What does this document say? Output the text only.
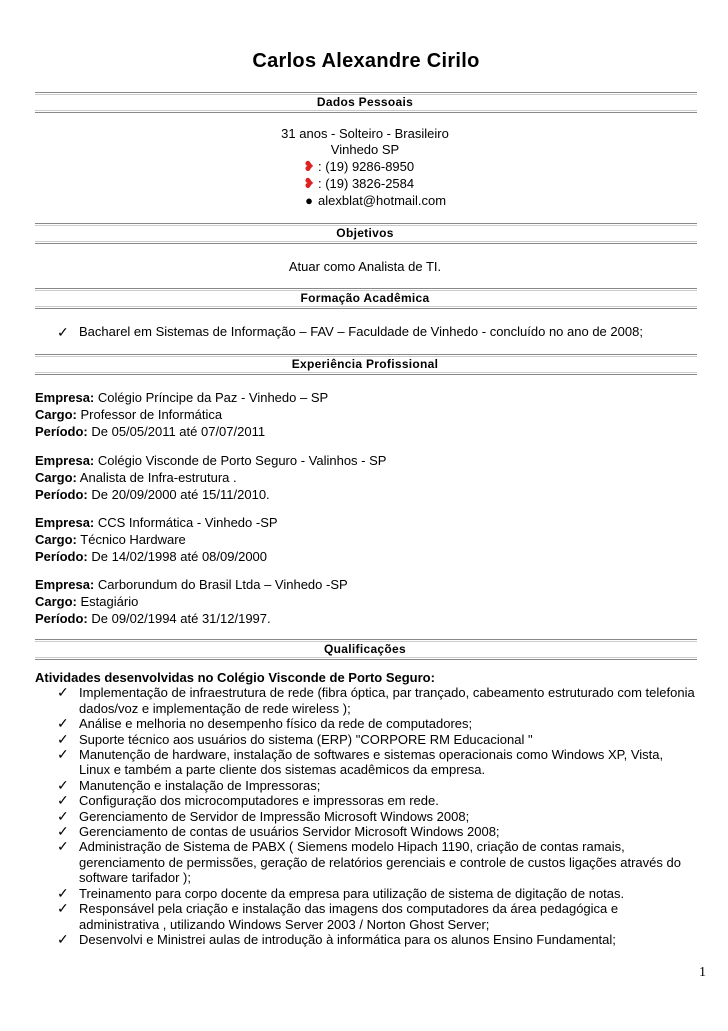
Carlos Alexandre Cirilo
Dados Pessoais
31 anos - Solteiro - Brasileiro
Vinhedo SP
❥ : (19) 9286-8950
❥ : (19) 3826-2584
● alexblat@hotmail.com
Objetivos
Atuar como Analista de TI.
Formação Acadêmica
✓ Bacharel em Sistemas de Informação – FAV – Faculdade de Vinhedo - concluído no ano de 2008;
Experiência Profissional
Empresa: Colégio Príncipe da Paz - Vinhedo – SP
Cargo: Professor de Informática
Período: De 05/05/2011 até 07/07/2011
Empresa: Colégio Visconde de Porto Seguro - Valinhos - SP
Cargo: Analista de Infra-estrutura .
Período: De 20/09/2000 até 15/11/2010.
Empresa: CCS Informática - Vinhedo -SP
Cargo: Técnico Hardware
Período: De 14/02/1998 até 08/09/2000
Empresa: Carborundum do Brasil Ltda – Vinhedo -SP
Cargo: Estagiário
Período: De 09/02/1994 até 31/12/1997.
Qualificações
Atividades desenvolvidas no Colégio Visconde de Porto Seguro:
✓ Implementação de infraestrutura de rede (fibra óptica, par trançado, cabeamento estruturado com telefonia dados/voz e implementação de rede wireless );
✓ Análise e melhoria no desempenho físico da rede de computadores;
✓ Suporte técnico aos usuários do sistema (ERP) "CORPORE RM Educacional "
✓ Manutenção de hardware, instalação de softwares e sistemas operacionais como Windows XP, Vista, Linux e também a parte cliente dos sistemas acadêmicos da empresa.
✓ Manutenção e instalação de Impressoras;
✓ Configuração dos microcomputadores e impressoras em rede.
✓ Gerenciamento de Servidor de Impressão Microsoft Windows 2008;
✓ Gerenciamento de contas de usuários Servidor Microsoft Windows 2008;
✓ Administração de Sistema de PABX ( Siemens modelo Hipach 1190, criação de contas ramais, gerenciamento de permissões, geração de relatórios gerenciais e controle de custos ligações através do software tarifador );
✓ Treinamento para corpo docente da empresa para utilização de sistema de digitação de notas.
✓ Responsável pela criação e instalação das imagens dos computadores da área pedagógica e administrativa , utilizando Windows Server 2003 / Norton Ghost Server;
✓ Desenvolvi e Ministrei aulas de introdução à informática para os alunos Ensino Fundamental;
1
